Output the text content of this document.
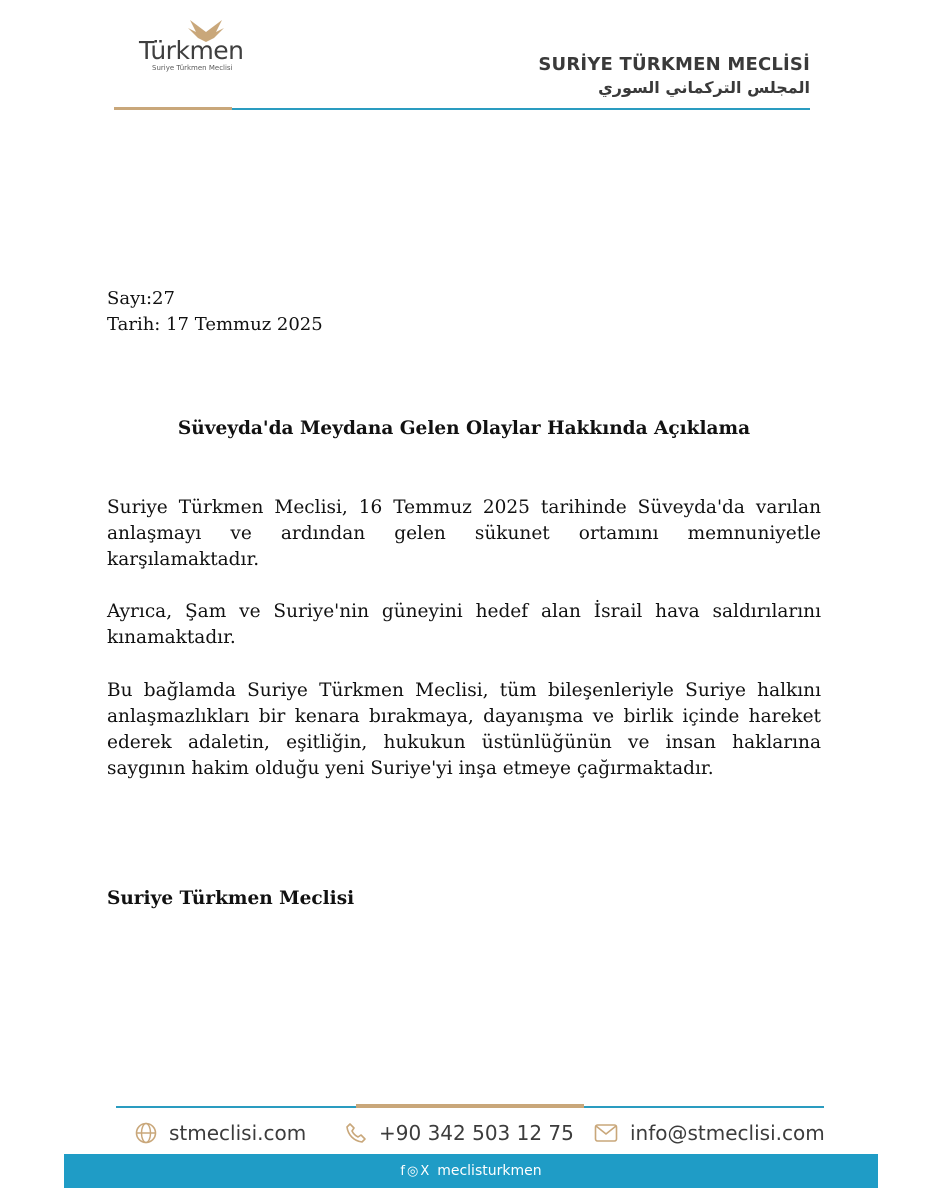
Türkmen
Suriye Türkmen Meclisi	SURİYE TÜRKMEN MECLİSİ
المجلس التركماني السوري
Sayı:27
Tarih: 17 Temmuz 2025
Süveyda'da Meydana Gelen Olaylar Hakkında Açıklama
Suriye Türkmen Meclisi, 16 Temmuz 2025 tarihinde Süveyda'da varılan anlaşmayı ve ardından gelen sükunet ortamını memnuniyetle karşılamaktadır.
Ayrıca, Şam ve Suriye'nin güneyini hedef alan İsrail hava saldırılarını kınamaktadır.
Bu bağlamda Suriye Türkmen Meclisi, tüm bileşenleriyle Suriye halkını anlaşmazlıkları bir kenara bırakmaya, dayanışma ve birlik içinde hareket ederek adaletin, eşitliğin, hukukun üstünlüğünün ve insan haklarına saygının hakim olduğu yeni Suriye'yi inşa etmeye çağırmaktadır.
Suriye Türkmen Meclisi
stmeclisi.com	+90 342 503 12 75	info@stmeclisi.com
f◎X meclisturkmen
